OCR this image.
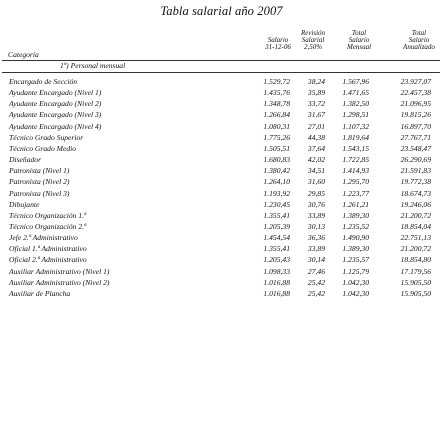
Tabla salarial año 2007
Salario
31-12-06
Revisión
Salarial
2,50%
Total
Salario
Mensual
Total
Salario
Anualizado
Categoría
1º) Personal mensual
Encargado de Sección	1.529,72 38,24 1.567,96	23.927,07
Ayudante Encargado (Nivel 1)	1.435,76 35,89 1.471,65	22.457,38
Ayudante Encargado (Nivel 2)	1.348,78 33,72 1.382,50	21.096,95
Ayudante Encargado (Nivel 3)	1.266,84 31,67 1.298,51	19.815,26
Ayudante Encargado (Nivel 4)	1.080,31 27,01 1.107,32	16.897,70
Técnico Grado Superior	1.775,26 44,38 1.819,64	27.767,71
Técnico Grado Medio	1.505,51 37,64 1.543,15	23.548,47
Diseñador	1.680,83 42,02 1.722,85	26.290,69
Patronista (Nivel 1)	1.380,42 34,51 1.414,93	21.591,83
Patronista (Nivel 2)	1.264,10 31,60 1.295,70	19.772,38
Patronista (Nivel 3)	1.193,92 29,85 1.223,77	18.674,73
Dibujante	1.230,45 30,76 1.261,21	19.246,06
Técnico Organización 1.ª	1.355,41 33,89 1.389,30	21.200,72
Técnico Organización 2.ª	1.205,39 30,13 1.235,52	18.854,04
Jefe 2.ª Administrativo	1.454,54 36,36 1.490,90	22.751,13
Oficial 1.ª Administrativo	1.355,41 33,89 1.389,30	21.200,72
Oficial 2.ª Administrativo	1.205,43 30,14 1.235,57	18.854,80
Auxiliar Administrativo (Nivel 1)	1.098,33 27,46 1.125,79	17.179,56
Auxiliar Administrativo (Nivel 2)	1.016,88 25,42 1.042,30	15.905,50
Auxiliar de Plancha	1.016,88 25,42 1.042,30	15.905,50
